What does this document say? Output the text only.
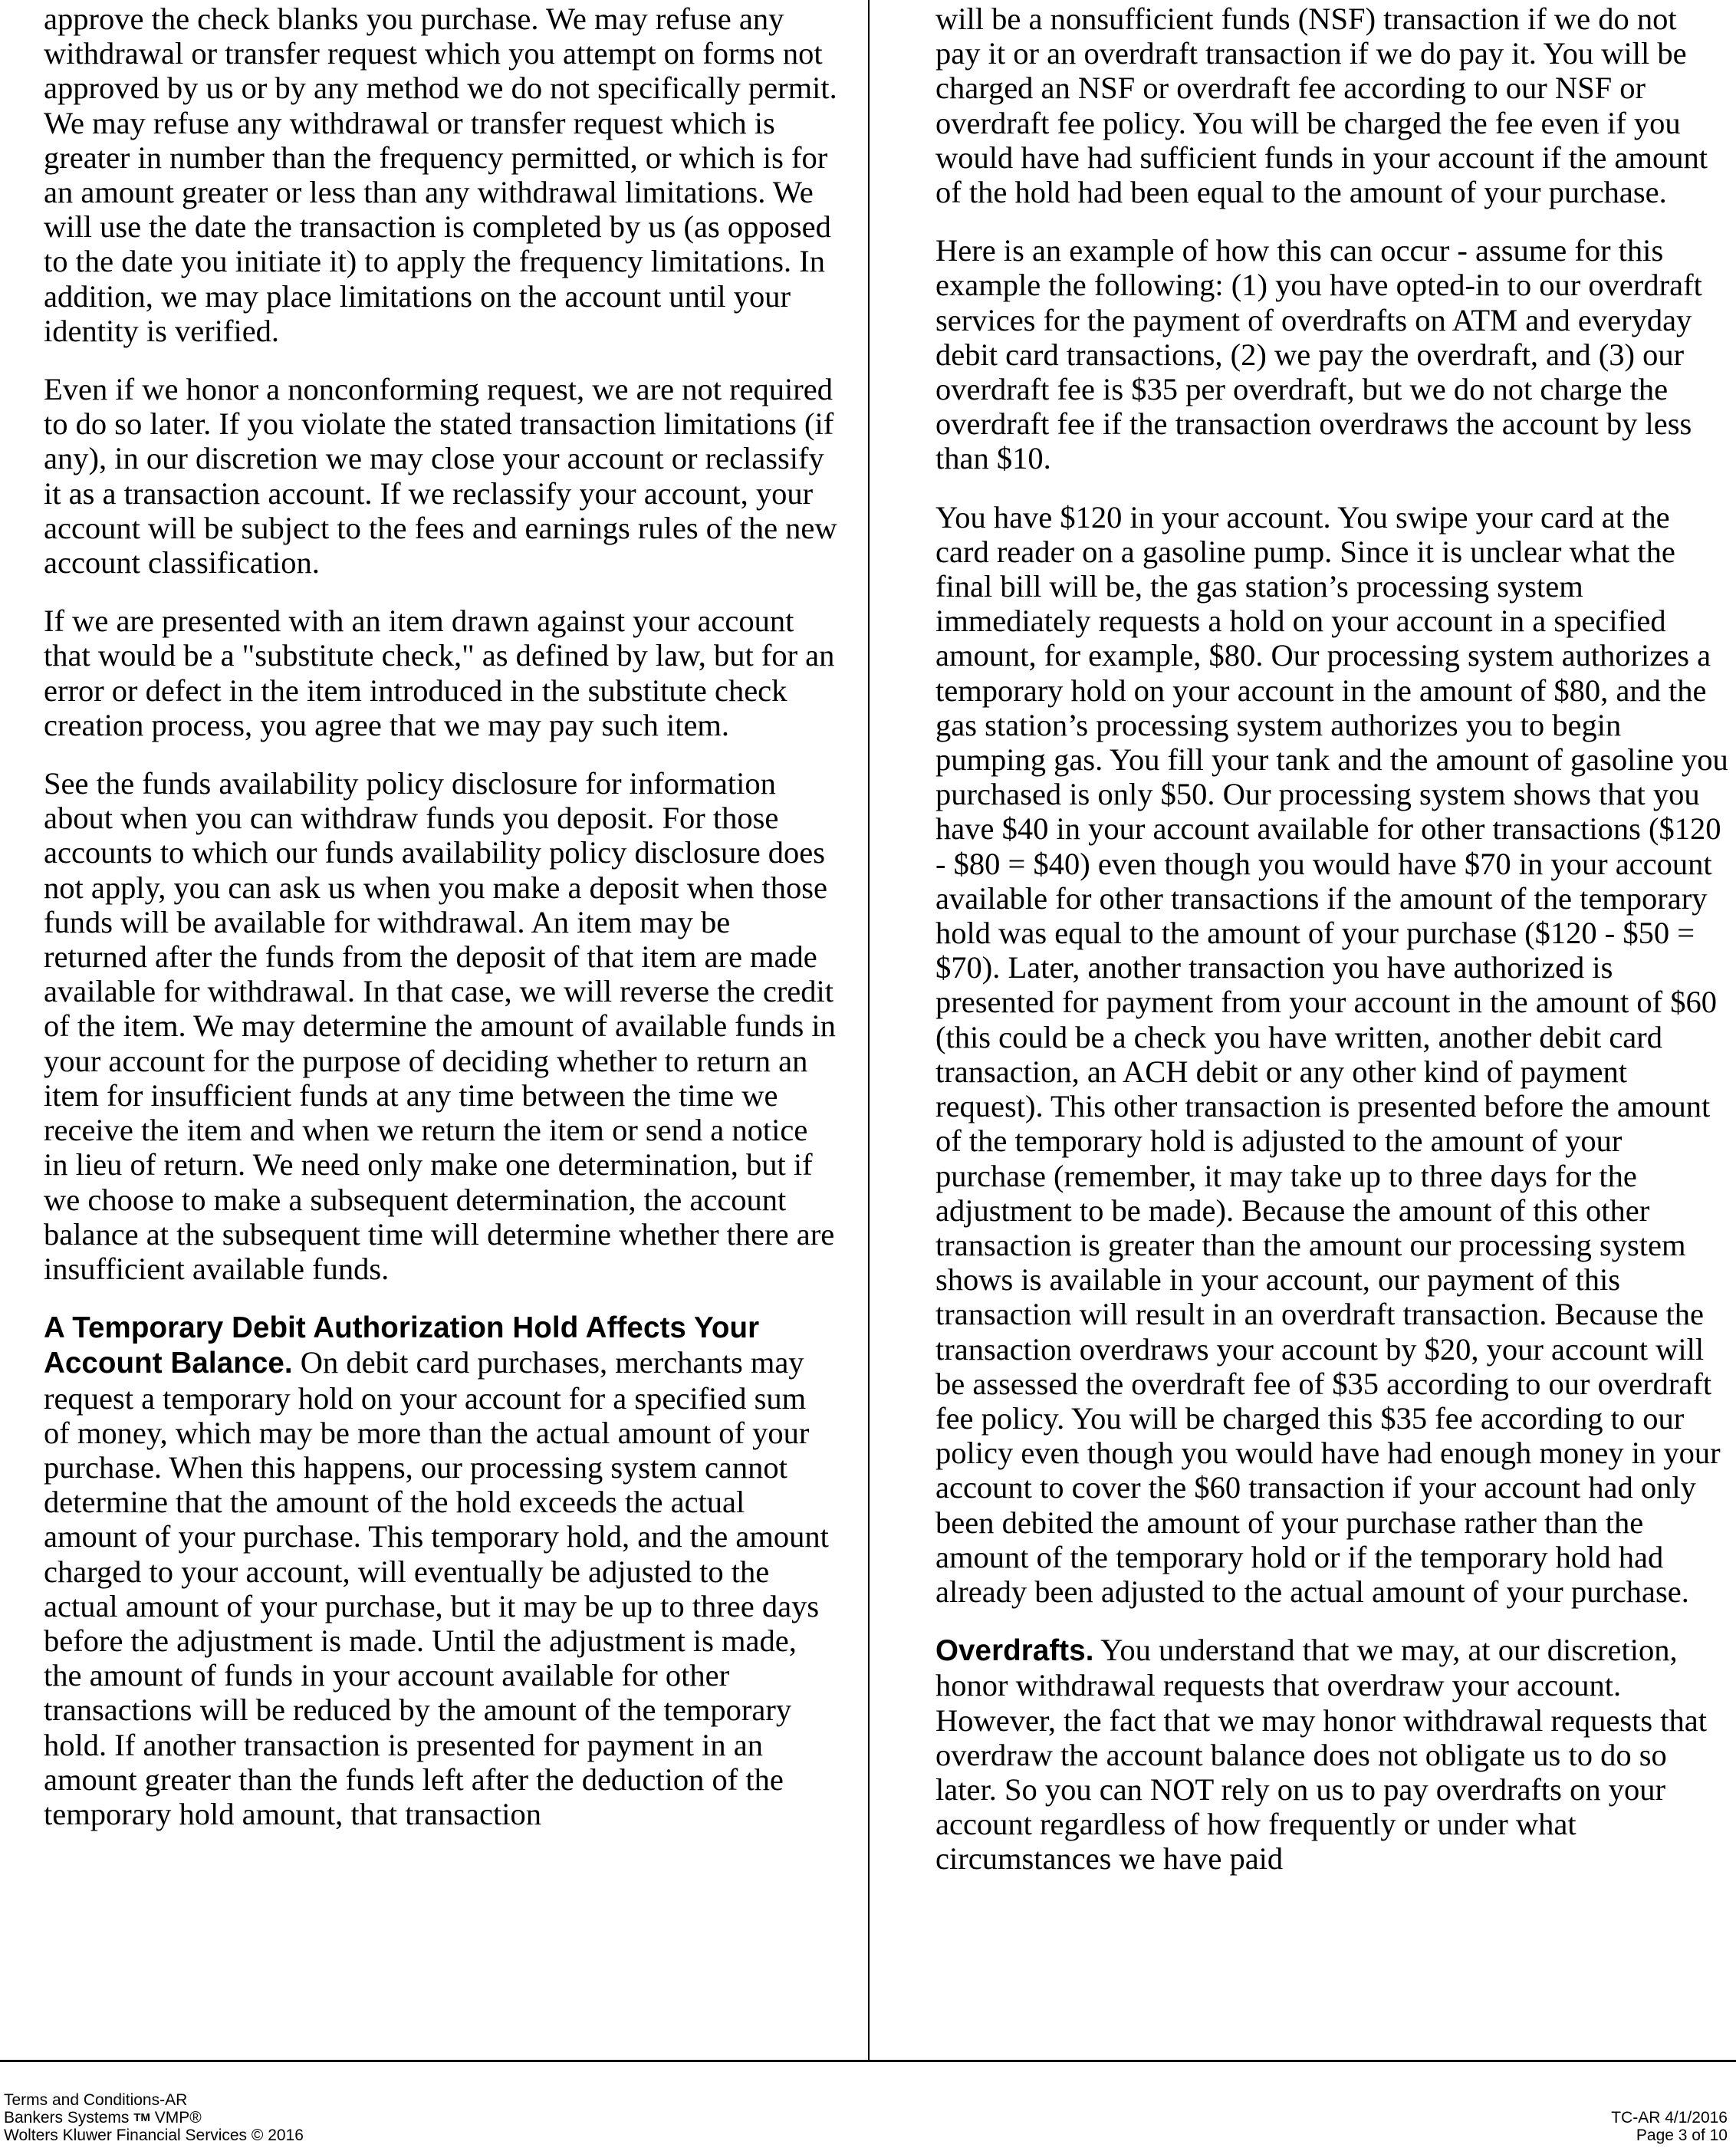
approve the check blanks you purchase. We may refuse any withdrawal or transfer request which you attempt on forms not approved by us or by any method we do not specifically permit. We may refuse any withdrawal or transfer request which is greater in number than the frequency permitted, or which is for an amount greater or less than any withdrawal limitations. We will use the date the transaction is completed by us (as opposed to the date you initiate it) to apply the frequency limitations. In addition, we may place limitations on the account until your identity is verified.

Even if we honor a nonconforming request, we are not required to do so later. If you violate the stated transaction limitations (if any), in our discretion we may close your account or reclassify it as a transaction account. If we reclassify your account, your account will be subject to the fees and earnings rules of the new account classification.

If we are presented with an item drawn against your account that would be a "substitute check," as defined by law, but for an error or defect in the item introduced in the substitute check creation process, you agree that we may pay such item.

See the funds availability policy disclosure for information about when you can withdraw funds you deposit. For those accounts to which our funds availability policy disclosure does not apply, you can ask us when you make a deposit when those funds will be available for withdrawal. An item may be returned after the funds from the deposit of that item are made available for withdrawal. In that case, we will reverse the credit of the item. We may determine the amount of available funds in your account for the purpose of deciding whether to return an item for insufficient funds at any time between the time we receive the item and when we return the item or send a notice in lieu of return. We need only make one determination, but if we choose to make a subsequent determination, the account balance at the subsequent time will determine whether there are insufficient available funds.

A Temporary Debit Authorization Hold Affects Your Account Balance. On debit card purchases, merchants may request a temporary hold on your account for a specified sum of money, which may be more than the actual amount of your purchase. When this happens, our processing system cannot determine that the amount of the hold exceeds the actual amount of your purchase. This temporary hold, and the amount charged to your account, will eventually be adjusted to the actual amount of your purchase, but it may be up to three days before the adjustment is made. Until the adjustment is made, the amount of funds in your account available for other transactions will be reduced by the amount of the temporary hold. If another transaction is presented for payment in an amount greater than the funds left after the deduction of the temporary hold amount, that transaction

will be a nonsufficient funds (NSF) transaction if we do not pay it or an overdraft transaction if we do pay it. You will be charged an NSF or overdraft fee according to our NSF or overdraft fee policy. You will be charged the fee even if you would have had sufficient funds in your account if the amount of the hold had been equal to the amount of your purchase.

Here is an example of how this can occur - assume for this example the following: (1) you have opted-in to our overdraft services for the payment of overdrafts on ATM and everyday debit card transactions, (2) we pay the overdraft, and (3) our overdraft fee is $35 per overdraft, but we do not charge the overdraft fee if the transaction overdraws the account by less than $10.

You have $120 in your account. You swipe your card at the card reader on a gasoline pump. Since it is unclear what the final bill will be, the gas station’s processing system immediately requests a hold on your account in a specified amount, for example, $80. Our processing system authorizes a temporary hold on your account in the amount of $80, and the gas station’s processing system authorizes you to begin pumping gas. You fill your tank and the amount of gasoline you purchased is only $50. Our processing system shows that you have $40 in your account available for other transactions ($120 - $80 = $40) even though you would have $70 in your account available for other transactions if the amount of the temporary hold was equal to the amount of your purchase ($120 - $50 = $70). Later, another transaction you have authorized is presented for payment from your account in the amount of $60 (this could be a check you have written, another debit card transaction, an ACH debit or any other kind of payment request). This other transaction is presented before the amount of the temporary hold is adjusted to the amount of your purchase (remember, it may take up to three days for the adjustment to be made). Because the amount of this other transaction is greater than the amount our processing system shows is available in your account, our payment of this transaction will result in an overdraft transaction. Because the transaction overdraws your account by $20, your account will be assessed the overdraft fee of $35 according to our overdraft fee policy. You will be charged this $35 fee according to our policy even though you would have had enough money in your account to cover the $60 transaction if your account had only been debited the amount of your purchase rather than the amount of the temporary hold or if the temporary hold had already been adjusted to the actual amount of your purchase.

Overdrafts. You understand that we may, at our discretion, honor withdrawal requests that overdraw your account. However, the fact that we may honor withdrawal requests that overdraw the account balance does not obligate us to do so later. So you can NOT rely on us to pay overdrafts on your account regardless of how frequently or under what circumstances we have paid

Terms and Conditions-AR
Bankers Systems TM VMP®
Wolters Kluwer Financial Services © 2016
TC-AR 4/1/2016
Page 3 of 10
